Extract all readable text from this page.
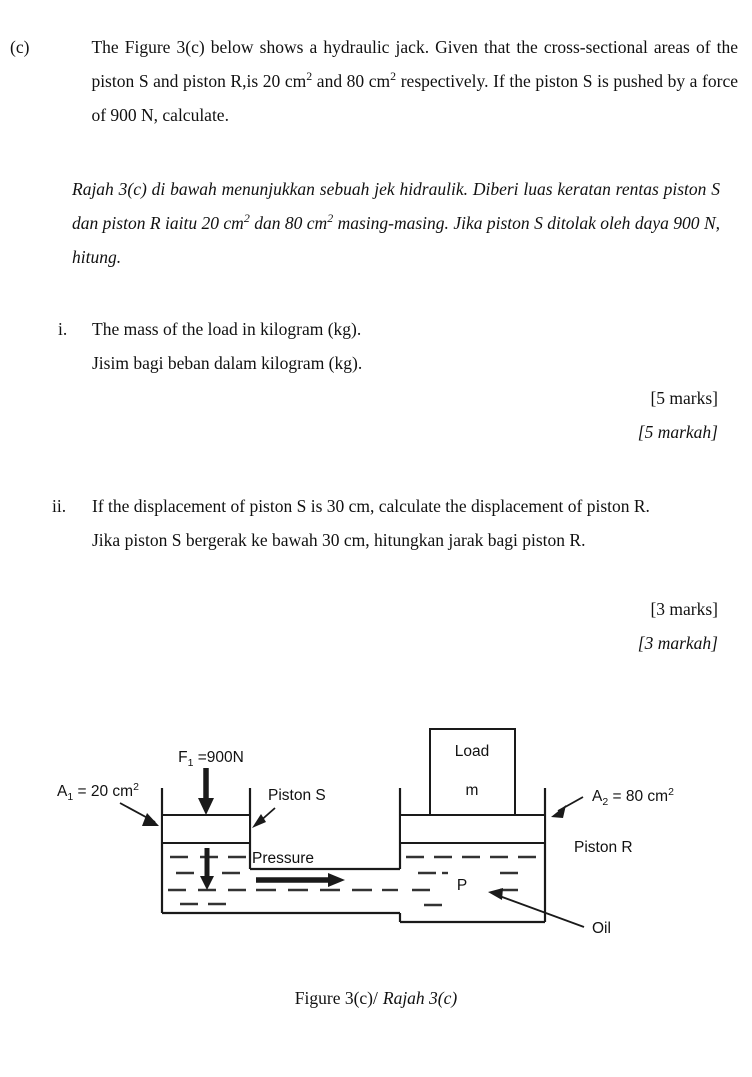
(c)	The Figure 3(c) below shows a hydraulic jack. Given that the cross-sectional areas of the piston S and piston R,is 20 $cm^2$ and 80 $cm^2$ respectively. If the piston S is pushed by a force of 900 N, calculate.
Rajah 3(c) di bawah menunjukkan sebuah jek hidraulik. Diberi luas keratan rentas piston S dan piston R iaitu 20 $cm^2$ dan 80 $cm^2$ masing-masing. Jika piston S ditolak oleh daya 900 N, hitung.
i.	The mass of the load in kilogram (kg).

Jisim bagi beban dalam kilogram (kg).

[5 marks]
[5 markah]
ii.	If the displacement of piston S is 30 cm, calculate the displacement of piston R.

Jika piston S bergerak ke bawah 30 cm, hitungkan jarak bagi piston R.

[3 marks]
[3 markah]
$F_1 =900N$
$A_1 = 20$ $cm^2$	Piston S
Pressure
Load
m	$A_2 = 80$ $cm^2$
Piston R
P
Oil
Figure 3(c)/ Rajah 3(c)
